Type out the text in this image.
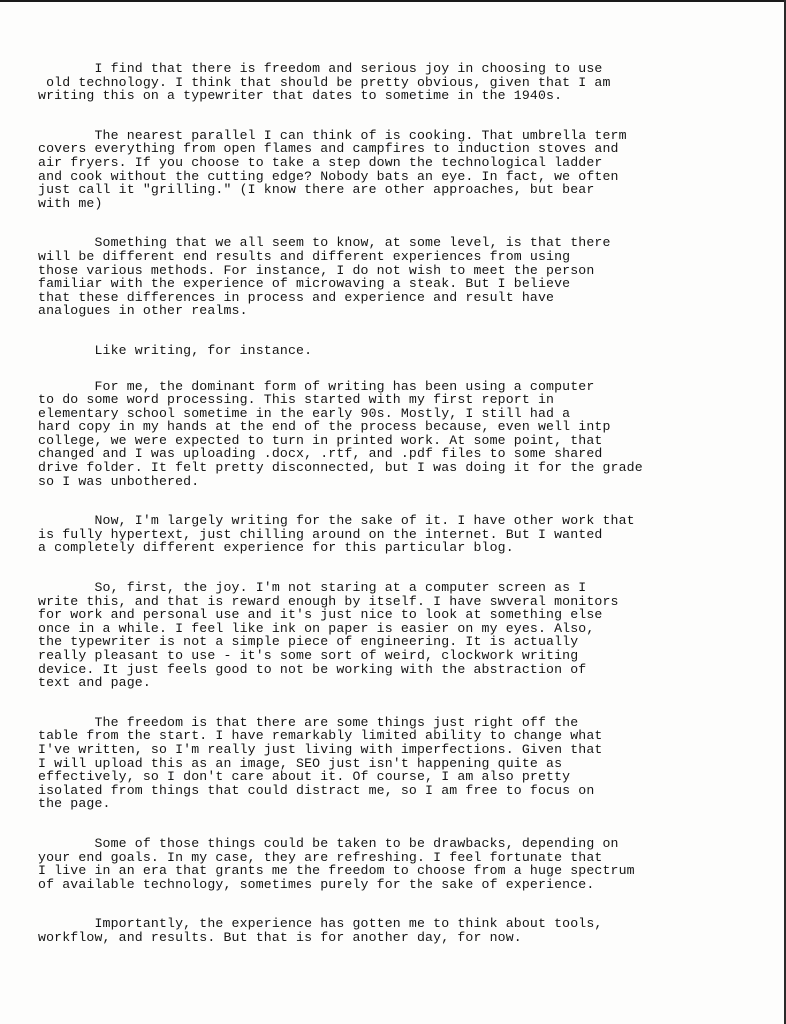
I find that there is freedom and serious joy in choosing to use
old technology. I think that should be pretty obvious, given that I am
writing this on a typewriter that dates to sometime in the 1940s.
The nearest parallel I can think of is cooking. That umbrella term
covers everything from open flames and campfires to induction stoves and
air fryers. If you choose to take a step down the technological ladder
and cook without the cutting edge? Nobody bats an eye. In fact, we often
just call it "grilling." (I know there are other approaches, but bear
with me)
Something that we all seem to know, at some level, is that there
will be different end results and different experiences from using
those various methods. For instance, I do not wish to meet the person
familiar with the experience of microwaving a steak. But I believe
that these differences in process and experience and result have
analogues in other realms.
Like writing, for instance.
For me, the dominant form of writing has been using a computer
to do some word processing. This started with my first report in
elementary school sometime in the early 90s. Mostly, I still had a
hard copy in my hands at the end of the process because, even well intp
college, we were expected to turn in printed work. At some point, that
changed and I was uploading .docx, .rtf, and .pdf files to some shared
drive folder. It felt pretty disconnected, but I was doing it for the grade
so I was unbothered.
Now, I'm largely writing for the sake of it. I have other work that
is fully hypertext, just chilling around on the internet. But I wanted
a completely different experience for this particular blog.
So, first, the joy. I'm not staring at a computer screen as I
write this, and that is reward enough by itself. I have swveral monitors
for work and personal use and it's just nice to look at something else
once in a while. I feel like ink on paper is easier on my eyes. Also,
the typewriter is not a simple piece of engineering. It is actually
really pleasant to use - it's some sort of weird, clockwork writing
device. It just feels good to not be working with the abstraction of
text and page.
The freedom is that there are some things just right off the
table from the start. I have remarkably limited ability to change what
I've written, so I'm really just living with imperfections. Given that
I will upload this as an image, SEO just isn't happening quite as
effectively, so I don't care about it. Of course, I am also pretty
isolated from things that could distract me, so I am free to focus on
the page.
Some of those things could be taken to be drawbacks, depending on
your end goals. In my case, they are refreshing. I feel fortunate that
I live in an era that grants me the freedom to choose from a huge spectrum
of available technology, sometimes purely for the sake of experience.
Importantly, the experience has gotten me to think about tools,
workflow, and results. But that is for another day, for now.
